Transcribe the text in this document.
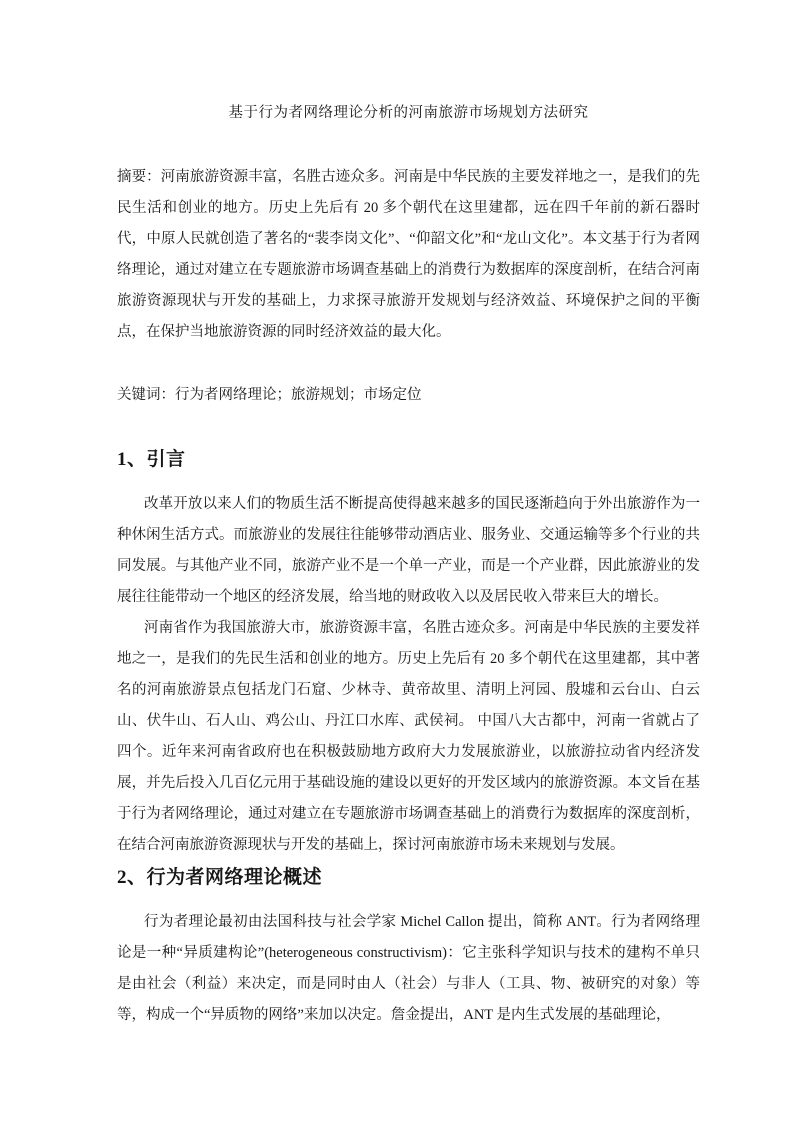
基于行为者网络理论分析的河南旅游市场规划方法研究

摘要：河南旅游资源丰富，名胜古迹众多。河南是中华民族的主要发祥地之一，是我们的先民生活和创业的地方。历史上先后有 20 多个朝代在这里建都，远在四千年前的新石器时代，中原人民就创造了著名的“裴李岗文化”、“仰韶文化”和“龙山文化”。本文基于行为者网络理论，通过对建立在专题旅游市场调查基础上的消费行为数据库的深度剖析，在结合河南旅游资源现状与开发的基础上，力求探寻旅游开发规划与经济效益、环境保护之间的平衡点，在保护当地旅游资源的同时经济效益的最大化。

关键词：行为者网络理论；旅游规划；市场定位

1、引言

改革开放以来人们的物质生活不断提高使得越来越多的国民逐渐趋向于外出旅游作为一种休闲生活方式。而旅游业的发展往往能够带动酒店业、服务业、交通运输等多个行业的共同发展。与其他产业不同，旅游产业不是一个单一产业，而是一个产业群，因此旅游业的发展往往能带动一个地区的经济发展，给当地的财政收入以及居民收入带来巨大的增长。

河南省作为我国旅游大市，旅游资源丰富，名胜古迹众多。河南是中华民族的主要发祥地之一，是我们的先民生活和创业的地方。历史上先后有 20 多个朝代在这里建都，其中著名的河南旅游景点包括龙门石窟、少林寺、黄帝故里、清明上河园、殷墟和云台山、白云山、伏牛山、石人山、鸡公山、丹江口水库、武侯祠。 中国八大古都中，河南一省就占了四个。近年来河南省政府也在积极鼓励地方政府大力发展旅游业，以旅游拉动省内经济发展，并先后投入几百亿元用于基础设施的建设以更好的开发区域内的旅游资源。本文旨在基于行为者网络理论，通过对建立在专题旅游市场调查基础上的消费行为数据库的深度剖析，在结合河南旅游资源现状与开发的基础上，探讨河南旅游市场未来规划与发展。

2、行为者网络理论概述

行为者理论最初由法国科技与社会学家 Michel Callon 提出，简称 ANT。行为者网络理论是一种“异质建构论”(heterogeneous constructivism)：它主张科学知识与技术的建构不单只是由社会（利益）来决定，而是同时由人（社会）与非人（工具、物、被研究的对象）等等，构成一个“异质物的网络”来加以决定。詹金提出，ANT 是内生式发展的基础理论，
